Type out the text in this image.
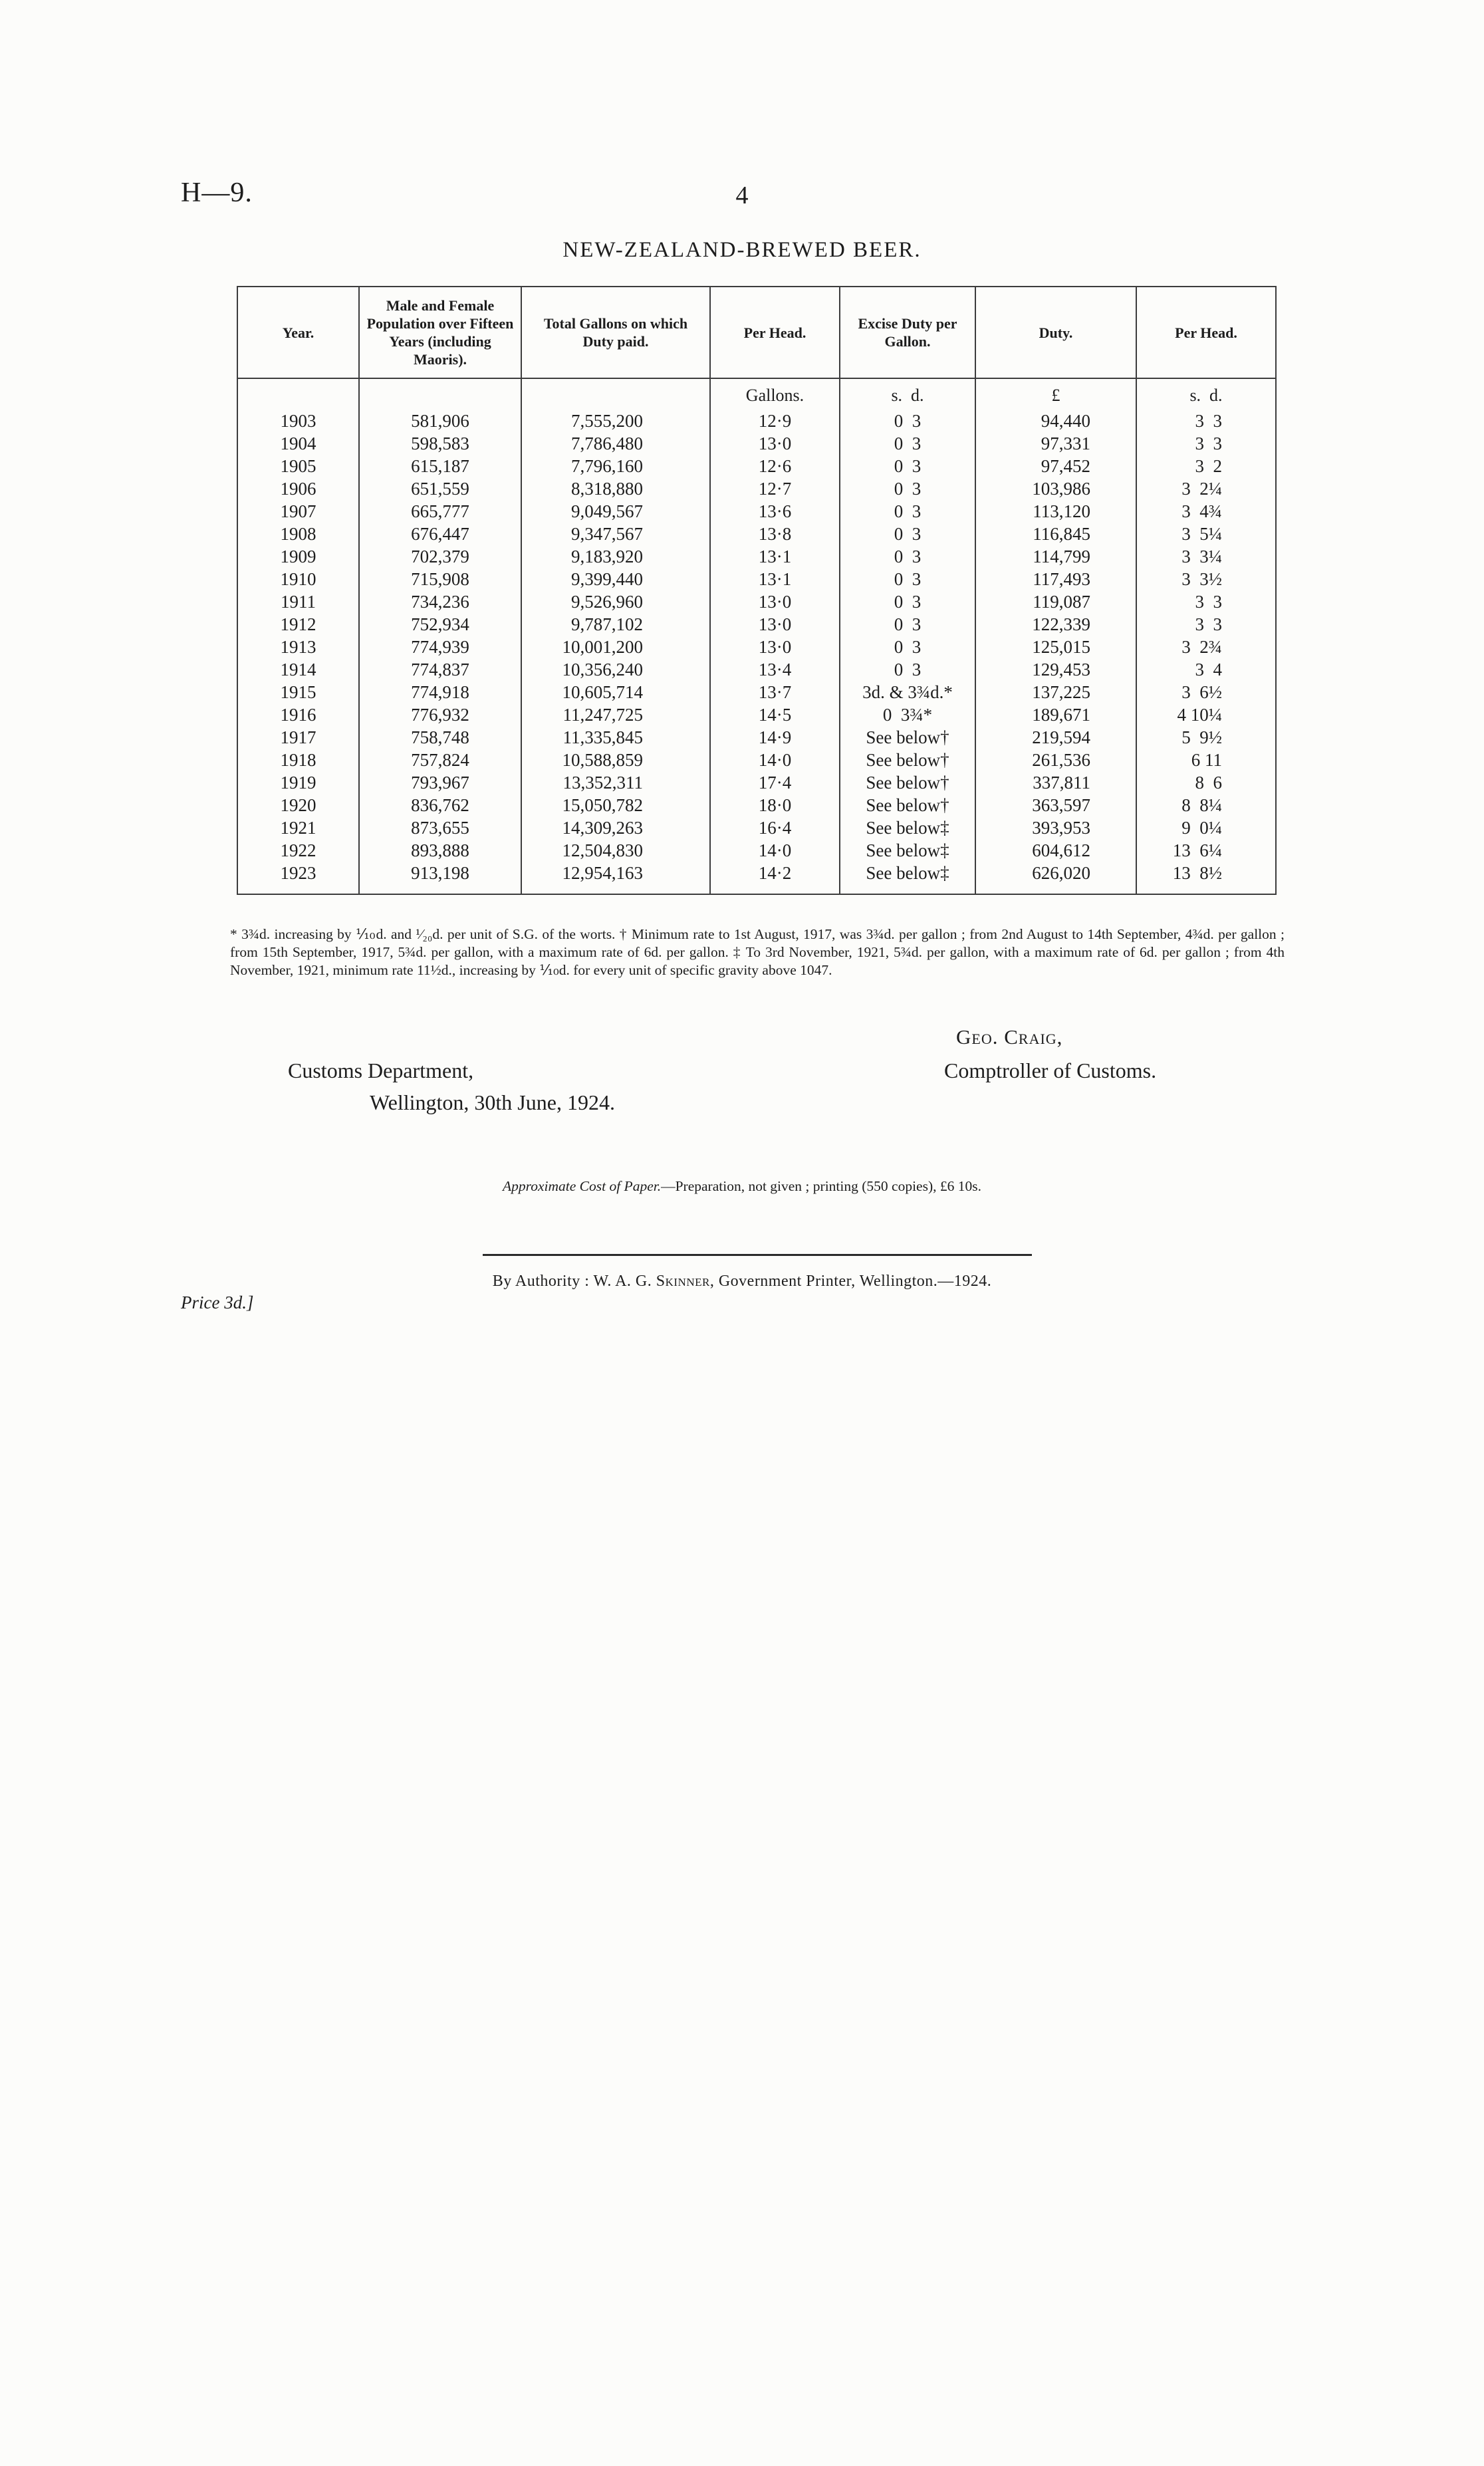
H—9.	4
NEW-ZEALAND-BREWED BEER.
Year.	Male and Female Population over Fifteen Years (including Maoris).	Total Gallons on which Duty paid.	Per Head.	Excise Duty per Gallon.	Duty.	Per Head.
			Gallons.	s.  d.	£	s.  d.
1903	581,906	7,555,200	12·9	0  3	94,440	3  3
1904	598,583	7,786,480	13·0	0  3	97,331	3  3
1905	615,187	7,796,160	12·6	0  3	97,452	3  2
1906	651,559	8,318,880	12·7	0  3	103,986	3  2¼
1907	665,777	9,049,567	13·6	0  3	113,120	3  4¾
1908	676,447	9,347,567	13·8	0  3	116,845	3  5¼
1909	702,379	9,183,920	13·1	0  3	114,799	3  3¼
1910	715,908	9,399,440	13·1	0  3	117,493	3  3½
1911	734,236	9,526,960	13·0	0  3	119,087	3  3
1912	752,934	9,787,102	13·0	0  3	122,339	3  3
1913	774,939	10,001,200	13·0	0  3	125,015	3  2¾
1914	774,837	10,356,240	13·4	0  3	129,453	3  4
1915	774,918	10,605,714	13·7	3d. & 3¾d.*	137,225	3  6½
1916	776,932	11,247,725	14·5	0  3¾*	189,671	4 10¼
1917	758,748	11,335,845	14·9	See below†	219,594	5  9½
1918	757,824	10,588,859	14·0	See below†	261,536	6 11
1919	793,967	13,352,311	17·4	See below†	337,811	8  6
1920	836,762	15,050,782	18·0	See below†	363,597	8  8¼
1921	873,655	14,309,263	16·4	See below‡	393,953	9  0¼
1922	893,888	12,504,830	14·0	See below‡	604,612	13  6¼
1923	913,198	12,954,163	14·2	See below‡	626,020	13  8½
* 3¾d. increasing by ⅒d. and ¹⁄₂₀d. per unit of S.G. of the worts. † Minimum rate to 1st August, 1917, was 3¾d. per gallon ; from 2nd August to 14th September, 4¾d. per gallon ; from 15th September, 1917, 5¾d. per gallon, with a maximum rate of 6d. per gallon. ‡ To 3rd November, 1921, 5¾d. per gallon, with a maximum rate of 6d. per gallon ; from 4th November, 1921, minimum rate 11½d., increasing by ⅒d. for every unit of specific gravity above 1047.
Geo. Craig,
Customs Department,	Comptroller of Customs.
Wellington, 30th June, 1924.
Approximate Cost of Paper.—Preparation, not given ; printing (550 copies), £6 10s.
By Authority : W. A. G. Skinner, Government Printer, Wellington.—1924.
Price 3d.]
